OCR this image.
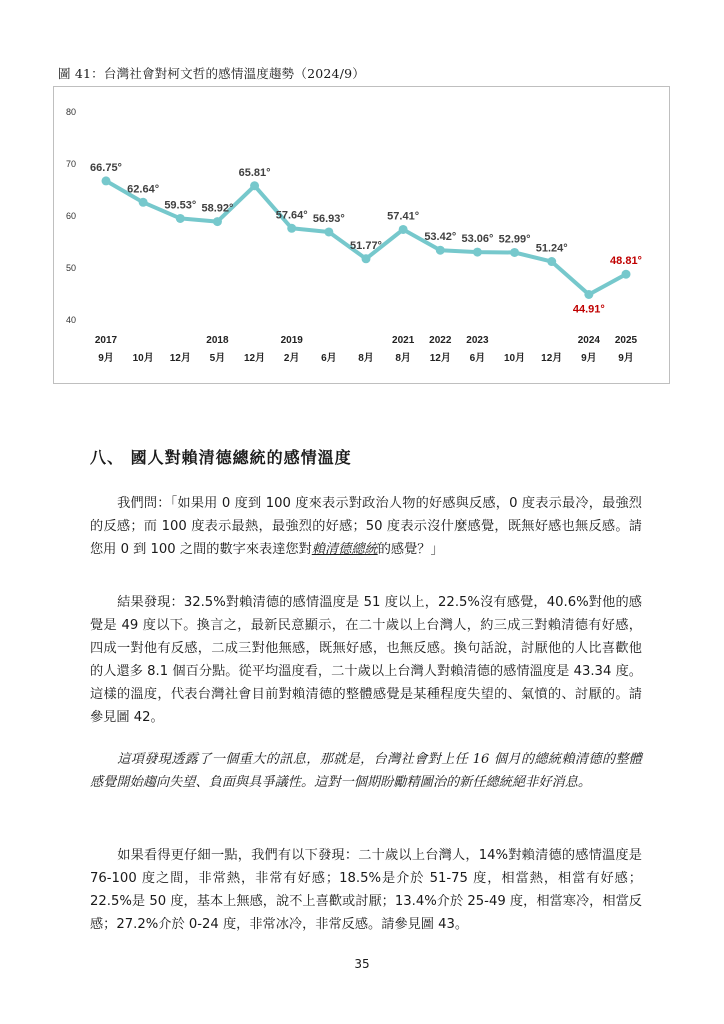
圖 41：台灣社會對柯文哲的感情溫度趨勢（2024/9）
40
50
60
70
80
66.75°
2017
9月
62.64°
10月
59.53°
12月
58.92°
2018
5月
65.81°
12月
57.64°
2019
2月
56.93°
6月
51.77°
8月
57.41°
2021
8月
53.42°
2022
12月
53.06°
2023
6月
52.99°
10月
51.24°
12月
44.91°
2024
9月
48.81°
2025
9月
八、 國人對賴清德總統的感情溫度

我們問：「如果用 0 度到 100 度來表示對政治人物的好感與反感，0 度表示最冷，最強烈的反感；而 100 度表示最熱，最強烈的好感；50 度表示沒什麼感覺，既無好感也無反感。請您用 0 到 100 之間的數字來表達您對賴清德總統的感覺？」

結果發現：32.5%對賴清德的感情溫度是 51 度以上，22.5%沒有感覺，40.6%對他的感覺是 49 度以下。換言之，最新民意顯示，在二十歲以上台灣人，約三成三對賴清德有好感，四成一對他有反感，二成三對他無感，既無好感，也無反感。換句話說，討厭他的人比喜歡他的人還多 8.1 個百分點。從平均溫度看，二十歲以上台灣人對賴清德的感情溫度是 43.34 度。這樣的溫度，代表台灣社會目前對賴清德的整體感覺是某種程度失望的、氣憤的、討厭的。請參見圖 42。

這項發現透露了一個重大的訊息，那就是，台灣社會對上任 16 個月的總統賴清德的整體感覺開始趨向失望、負面與具爭議性。這對一個期盼勵精圖治的新任總統絕非好消息。

如果看得更仔細一點，我們有以下發現：二十歲以上台灣人，14%對賴清德的感情溫度是 76-100 度之間，非常熱，非常有好感；18.5%是介於 51-75 度，相當熱，相當有好感；22.5%是 50 度，基本上無感，說不上喜歡或討厭；13.4%介於 25-49 度，相當寒冷，相當反感；27.2%介於 0-24 度，非常冰冷，非常反感。請參見圖 43。

35
